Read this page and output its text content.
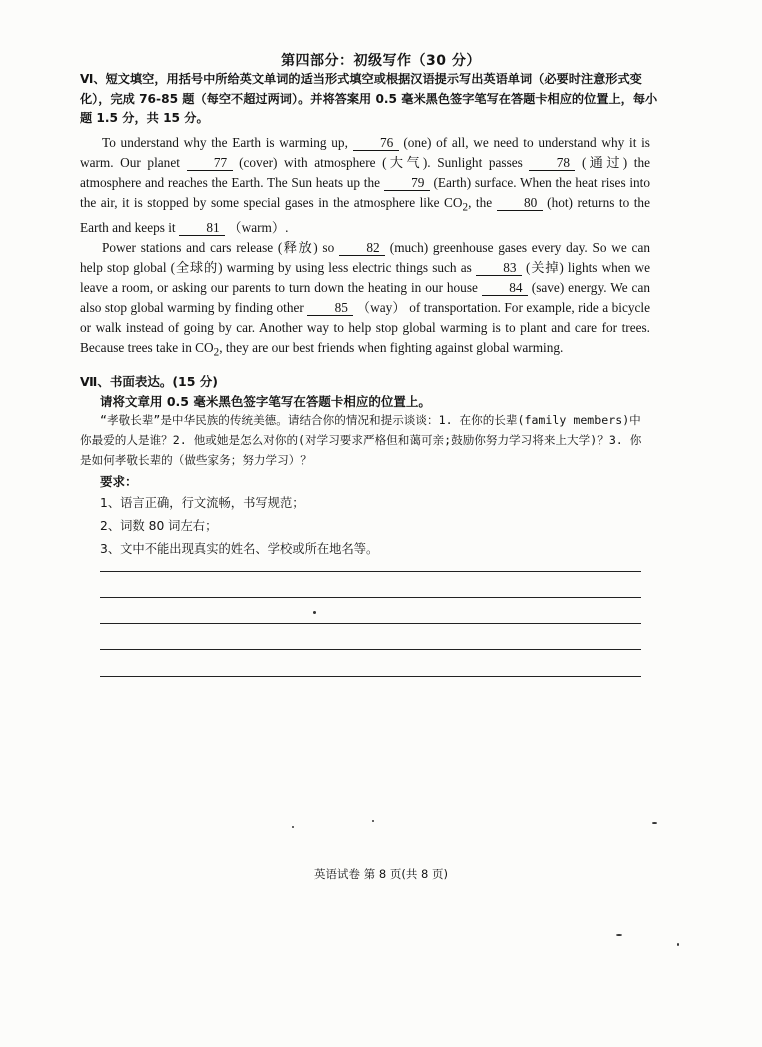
第四部分：初级写作（30 分）
Ⅵ、短文填空，用括号中所给英文单词的适当形式填空或根据汉语提示写出英语单词（必要时注意形式变化），完成 76-85 题（每空不超过两词）。并将答案用 0.5 毫米黑色签字笔写在答题卡相应的位置上，每小题 1.5 分，共 15 分。

To understand why the Earth is warming up, 76 (one) of all, we need to understand why it is warm. Our planet	77 (cover) with atmosphere (大气). Sunlight passes	78 (通过) the atmosphere and reaches the Earth. The Sun heats up the 79 (Earth) surface. When the heat rises into the air, it is stopped by some special gases in the atmosphere like $CO_2$, the 80 (hot) returns to the Earth and keeps it 81 （warm）.

Power stations and cars release (释放) so 82 (much) greenhouse gases every day. So we can help stop global (全球的) warming by using less electric things such as 83 (关掉) lights when we leave a room, or asking our parents to turn down the heating in our house 84 (save) energy. We can also stop global warming by finding other 85 （way） of transportation. For example, ride a bicycle or walk instead of going by car. Another way to help stop global warming is to plant and care for trees. Because trees take in $CO_2$, they are our best friends when fighting against global warming.

Ⅶ、书面表达。(15 分)
请将文章用 0.5 毫米黑色签字笔写在答题卡相应的位置上。
“孝敬长辈”是中华民族的传统美德。请结合你的情况和提示谈谈：1. 在你的长辈(family members)中你最爱的人是谁？2. 他或她是怎么对你的(对学习要求严格但和蔼可亲;鼓励你努力学习将来上大学)？3. 你是如何孝敬长辈的（做些家务；努力学习）？
要求：
1、语言正确，行文流畅，书写规范；
2、词数 80 词左右；
3、文中不能出现真实的姓名、学校或所在地名等。
英语试卷 第 8 页(共 8 页)
